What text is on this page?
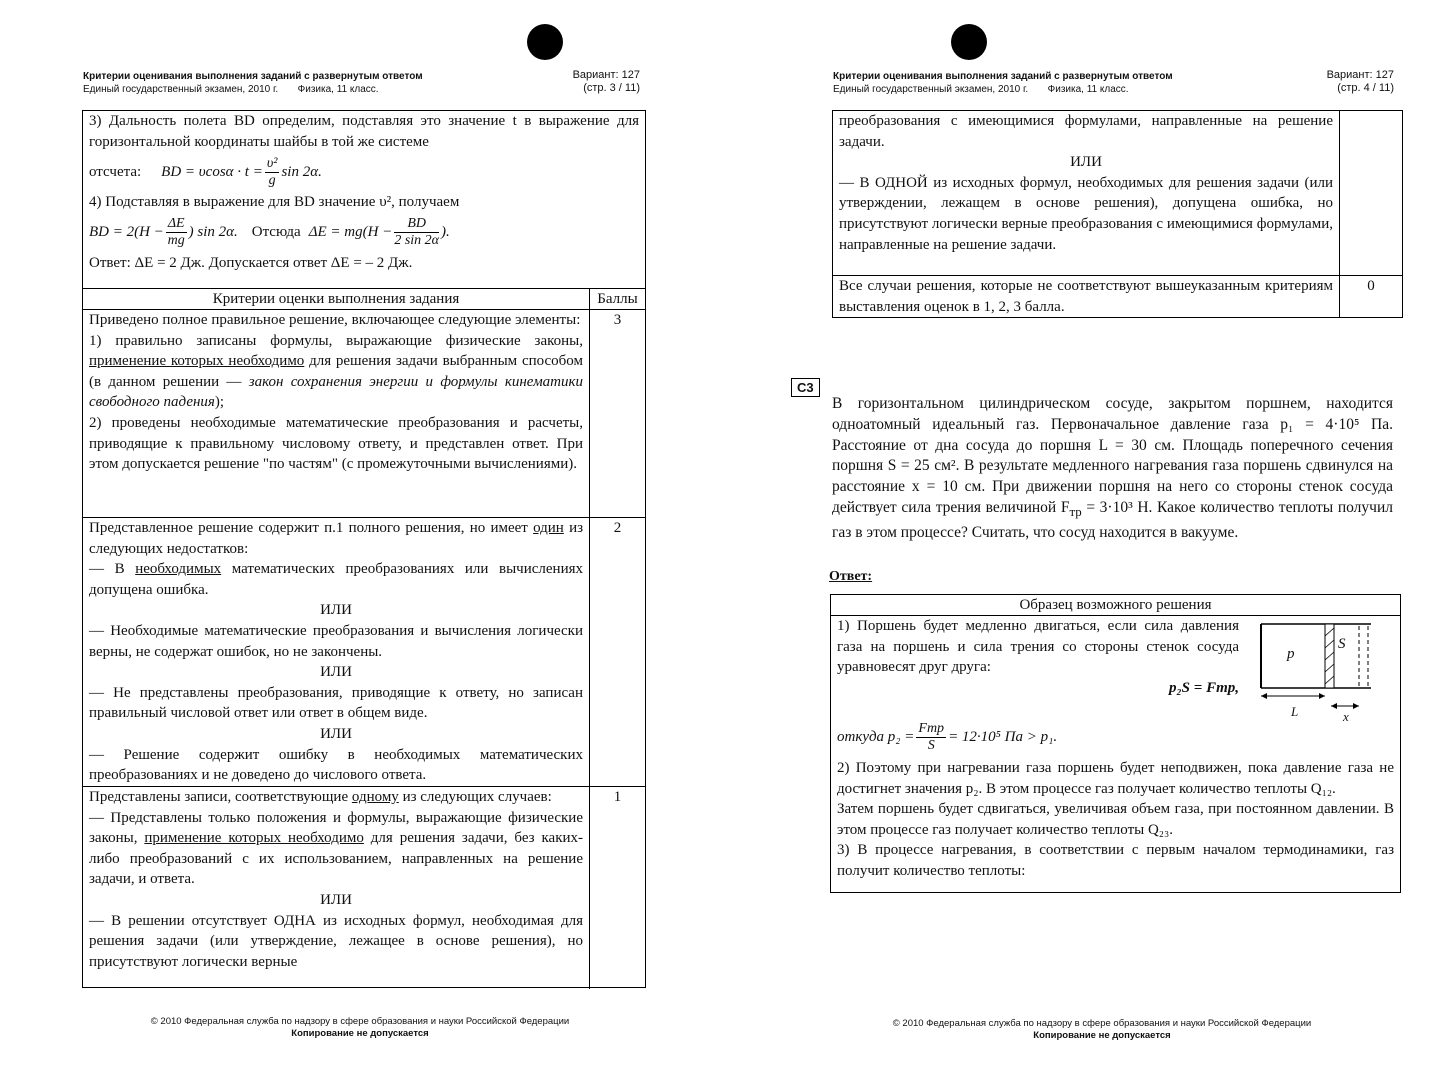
Критерии оценивания выполнения заданий с развернутым ответом
Единый государственный экзамен, 2010 г. Физика, 11 класс.
Вариант: 127
(стр. 3 / 11)
3) Дальность полета BD определим, подставляя это значение t в выражение для горизонтальной координаты шайбы в той же системе
отсчета: BD = $\upsilon\cos\alpha \cdot t = \frac{\text{υ²}}{g}$ sin 2α.
4) Подставляя в выражение для BD значение υ², получаем
BD = $2(H - \frac{\Delta E}{mg}$ ) sin 2α. Отсюда $\Delta E = mg(H - \frac{BD}{2 \sin 2\alpha}$ ).
Ответ: ΔE = 2 Дж. Допускается ответ ΔE = – 2 Дж.
Критерии оценки выполнения задания	Баллы
Приведено полное правильное решение, включающее следующие элементы:
1) правильно записаны формулы, выражающие физические законы, применение которых необходимо для решения задачи выбранным способом (в данном решении — закон сохранения энергии и формулы кинематики свободного падения);
2) проведены необходимые математические преобразования и расчеты, приводящие к правильному числовому ответу, и представлен ответ. При этом допускается решение "по частям" (с промежуточными вычислениями).
3
Представленное решение содержит п.1 полного решения, но имеет один из следующих недостатков:
— В необходимых математических преобразованиях или вычислениях допущена ошибка.
ИЛИ
— Необходимые математические преобразования и вычисления логически верны, не содержат ошибок, но не закончены.
ИЛИ
— Не представлены преобразования, приводящие к ответу, но записан правильный числовой ответ или ответ в общем виде.
ИЛИ
— Решение содержит ошибку в необходимых математических преобразованиях и не доведено до числового ответа.
2
Представлены записи, соответствующие одному из следующих случаев:
— Представлены только положения и формулы, выражающие физические законы, применение которых необходимо для решения задачи, без каких-либо преобразований с их использованием, направленных на решение задачи, и ответа.
ИЛИ
— В решении отсутствует ОДНА из исходных формул, необходимая для решения задачи (или утверждение, лежащее в основе решения), но присутствуют логически верные
1
© 2010 Федеральная служба по надзору в сфере образования и науки Российской Федерации
Копирование не допускается
Критерии оценивания выполнения заданий с развернутым ответом
Единый государственный экзамен, 2010 г. Физика, 11 класс.
Вариант: 127
(стр. 4 / 11)
преобразования с имеющимися формулами, направленные на решение задачи.
ИЛИ
— В ОДНОЙ из исходных формул, необходимых для решения задачи (или утверждении, лежащем в основе решения), допущена ошибка, но присутствуют логически верные преобразования с имеющимися формулами, направленные на решение задачи.
Все случаи решения, которые не соответствуют вышеуказанным критериям выставления оценок в 1, 2, 3 балла.
0
C3
В горизонтальном цилиндрическом сосуде, закрытом поршнем, находится одноатомный идеальный газ. Первоначальное давление газа p₁ = 4·10⁵ Па. Расстояние от дна сосуда до поршня L = 30 см. Площадь поперечного сечения поршня S = 25 см². В результате медленного нагревания газа поршень сдвинулся на расстояние x = 10 см. При движении поршня на него со стороны стенок сосуда действует сила трения величиной $F_{тр} = 3\cdot 10^3$ Н. Какое количество теплоты получил газ в этом процессе? Считать, что сосуд находится в вакууме.
Ответ:
Образец возможного решения
1) Поршень будет медленно двигаться, если сила давления газа на поршень и сила трения со стороны стенок сосуда уравновесят друг друга:
p₂S = Fтр,
p
S
L	x
откуда $p_2 = \frac{\text{Fтр}}{S} = 12\cdot 10^5$ Па > p₁.
2) Поэтому при нагревании газа поршень будет неподвижен, пока давление газа не достигнет значения p₂. В этом процессе газ получает количество теплоты Q₁₂.
Затем поршень будет сдвигаться, увеличивая объем газа, при постоянном давлении. В этом процессе газ получает количество теплоты Q₂₃.
3) В процессе нагревания, в соответствии с первым началом термодинамики, газ получит количество теплоты:
© 2010 Федеральная служба по надзору в сфере образования и науки Российской Федерации
Копирование не допускается
